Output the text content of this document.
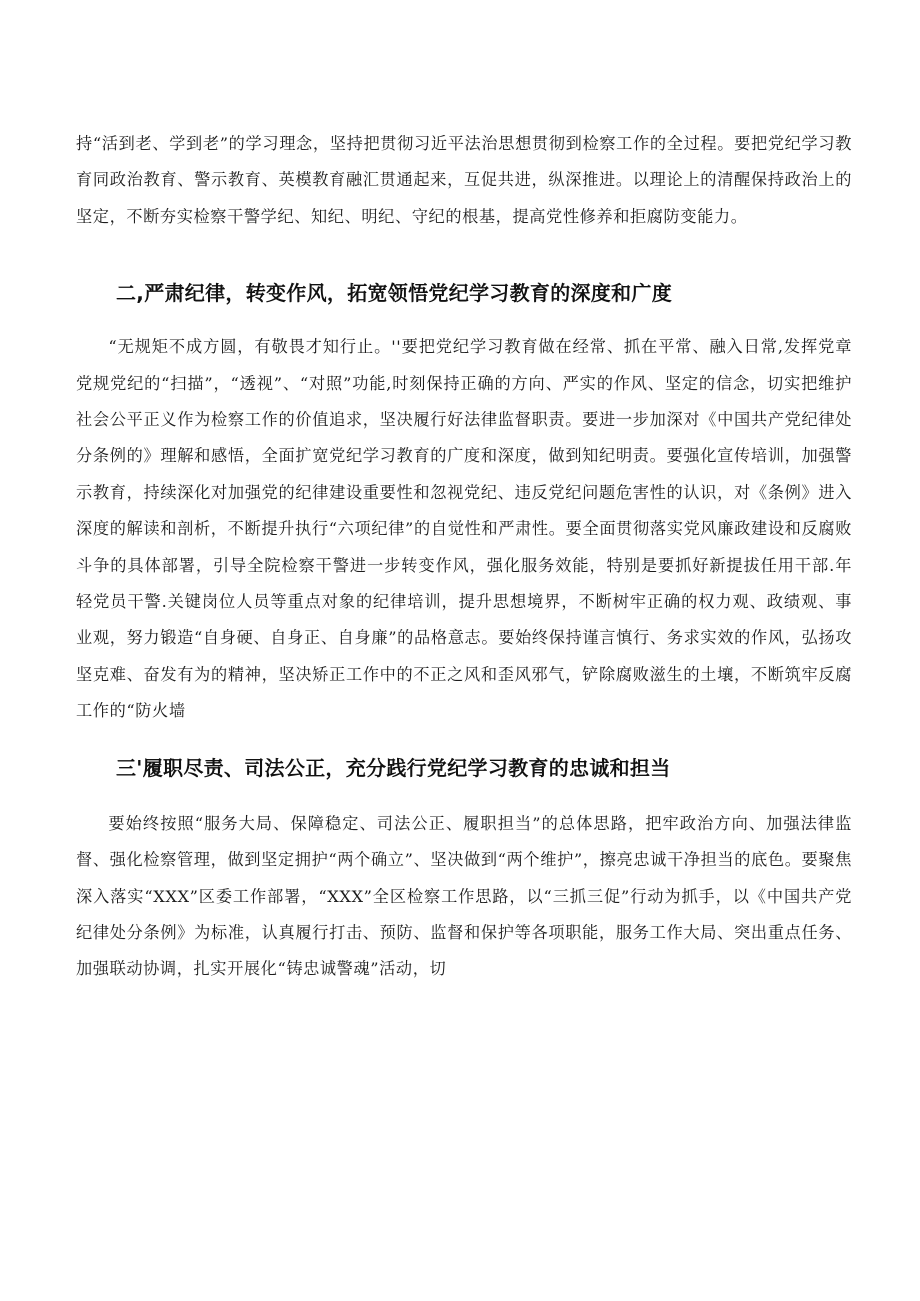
持“活到老、学到老”的学习理念，坚持把贯彻习近平法治思想贯彻到检察工作的全过程。要把党纪学习教育同政治教育、警示教育、英模教育融汇贯通起来，互促共进，纵深推进。以理论上的清醒保持政治上的坚定，不断夯实检察干警学纪、知纪、明纪、守纪的根基，提高党性修养和拒腐防变能力。

二,严肃纪律，转变作风，拓宽领悟党纪学习教育的深度和广度

“无规矩不成方圆，有敬畏才知行止。''要把党纪学习教育做在经常、抓在平常、融入日常,发挥党章党规党纪的“扫描”，“透视”、“对照”功能,时刻保持正确的方向、严实的作风、坚定的信念，切实把维护社会公平正义作为检察工作的价值追求，坚决履行好法律监督职责。要进一步加深对《中国共产党纪律处分条例的》理解和感悟，全面扩宽党纪学习教育的广度和深度，做到知纪明责。要强化宣传培训，加强警示教育，持续深化对加强党的纪律建设重要性和忽视党纪、违反党纪问题危害性的认识，对《条例》进入深度的解读和剖析，不断提升执行“六项纪律”的自觉性和严肃性。要全面贯彻落实党风廉政建设和反腐败斗争的具体部署，引导全院检察干警进一步转变作风，强化服务效能，特别是要抓好新提拔任用干部.年轻党员干警.关键岗位人员等重点对象的纪律培训，提升思想境界，不断树牢正确的权力观、政绩观、事业观，努力锻造“自身硬、自身正、自身廉”的品格意志。要始终保持谨言慎行、务求实效的作风，弘扬攻坚克难、奋发有为的精神，坚决矫正工作中的不正之风和歪风邪气，铲除腐败滋生的土壤，不断筑牢反腐工作的“防火墙

三'履职尽责、司法公正，充分践行党纪学习教育的忠诚和担当

要始终按照“服务大局、保障稳定、司法公正、履职担当”的总体思路，把牢政治方向、加强法律监督、强化检察管理，做到坚定拥护“两个确立”、坚决做到“两个维护”，擦亮忠诚干净担当的底色。要聚焦深入落实“XXX”区委工作部署，“XXX”全区检察工作思路，以“三抓三促”行动为抓手，以《中国共产党纪律处分条例》为标准，认真履行打击、预防、监督和保护等各项职能，服务工作大局、突出重点任务、加强联动协调，扎实开展化“铸忠诚警魂”活动，切
